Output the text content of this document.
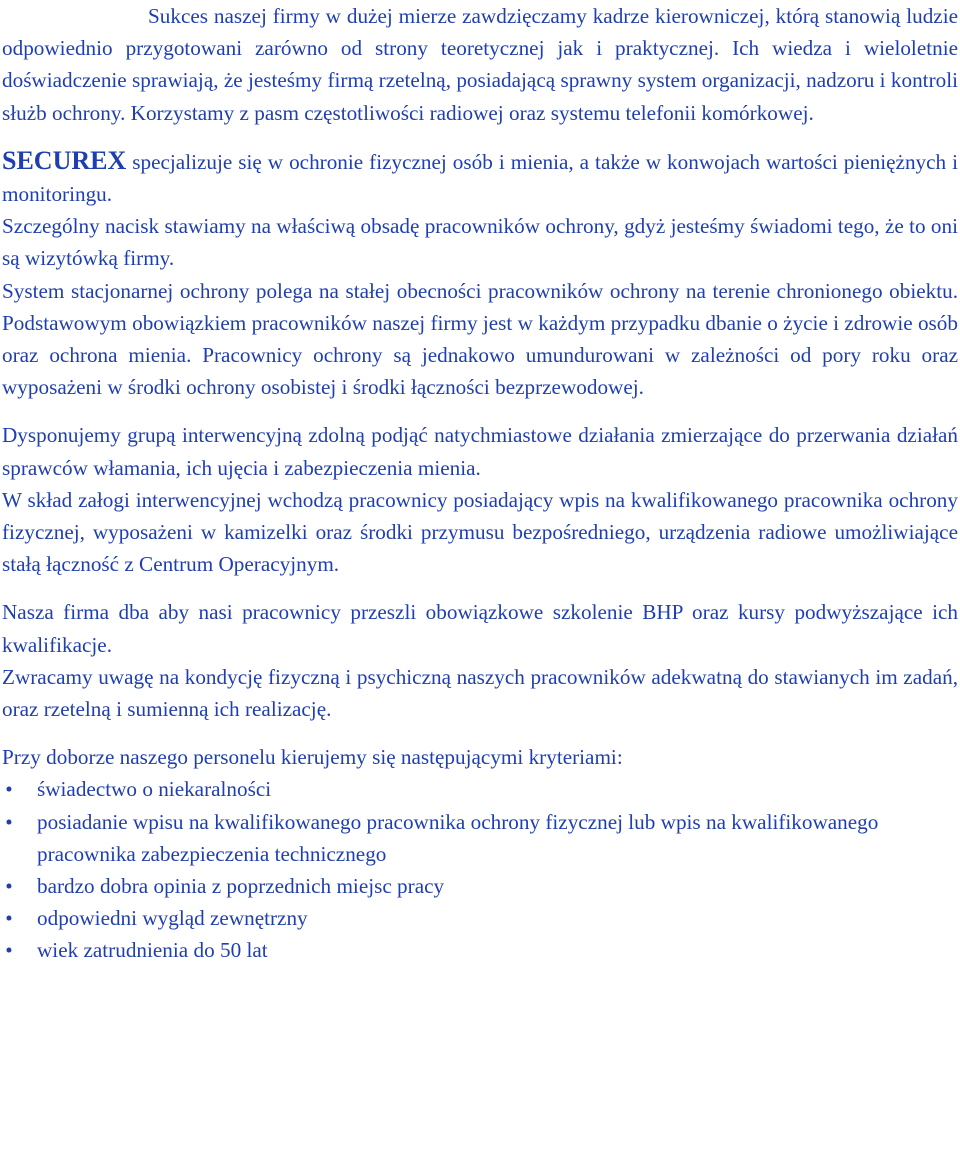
Sukces naszej firmy w dużej mierze zawdzięczamy kadrze kierowniczej, którą stanowią ludzie odpowiednio przygotowani zarówno od strony teoretycznej jak i praktycznej. Ich wiedza i wieloletnie doświadczenie sprawiają, że jesteśmy firmą rzetelną, posiadającą sprawny system organizacji, nadzoru i kontroli służb ochrony. Korzystamy z pasm częstotliwości radiowej oraz systemu telefonii komórkowej.

SECUREX specjalizuje się w ochronie fizycznej osób i mienia, a także w konwojach wartości pieniężnych i monitoringu.

Szczególny nacisk stawiamy na właściwą obsadę pracowników ochrony, gdyż jesteśmy świadomi tego, że to oni są wizytówką firmy.

System stacjonarnej ochrony polega na stałej obecności pracowników ochrony na terenie chronionego obiektu. Podstawowym obowiązkiem pracowników naszej firmy jest w każdym przypadku dbanie o życie i zdrowie osób oraz ochrona mienia. Pracownicy ochrony są jednakowo umundurowani w zależności od pory roku oraz wyposażeni w środki ochrony osobistej i środki łączności bezprzewodowej.

Dysponujemy grupą interwencyjną zdolną podjąć natychmiastowe działania zmierzające do przerwania działań sprawców włamania, ich ujęcia i zabezpieczenia mienia.

W skład załogi interwencyjnej wchodzą pracownicy posiadający wpis na kwalifikowanego pracownika ochrony fizycznej, wyposażeni w kamizelki oraz środki przymusu bezpośredniego, urządzenia radiowe umożliwiające stałą łączność z Centrum Operacyjnym.

Nasza firma dba aby nasi pracownicy przeszli obowiązkowe szkolenie BHP oraz kursy podwyższające ich kwalifikacje.

Zwracamy uwagę na kondycję fizyczną i psychiczną naszych pracowników adekwatną do stawianych im zadań, oraz rzetelną i sumienną ich realizację.

Przy doborze naszego personelu kierujemy się następującymi kryteriami:

• świadectwo o niekaralności
• posiadanie wpisu na kwalifikowanego pracownika ochrony fizycznej lub wpis na kwalifikowanego pracownika zabezpieczenia technicznego
• bardzo dobra opinia z poprzednich miejsc pracy
• odpowiedni wygląd zewnętrzny
• wiek zatrudnienia do 50 lat
